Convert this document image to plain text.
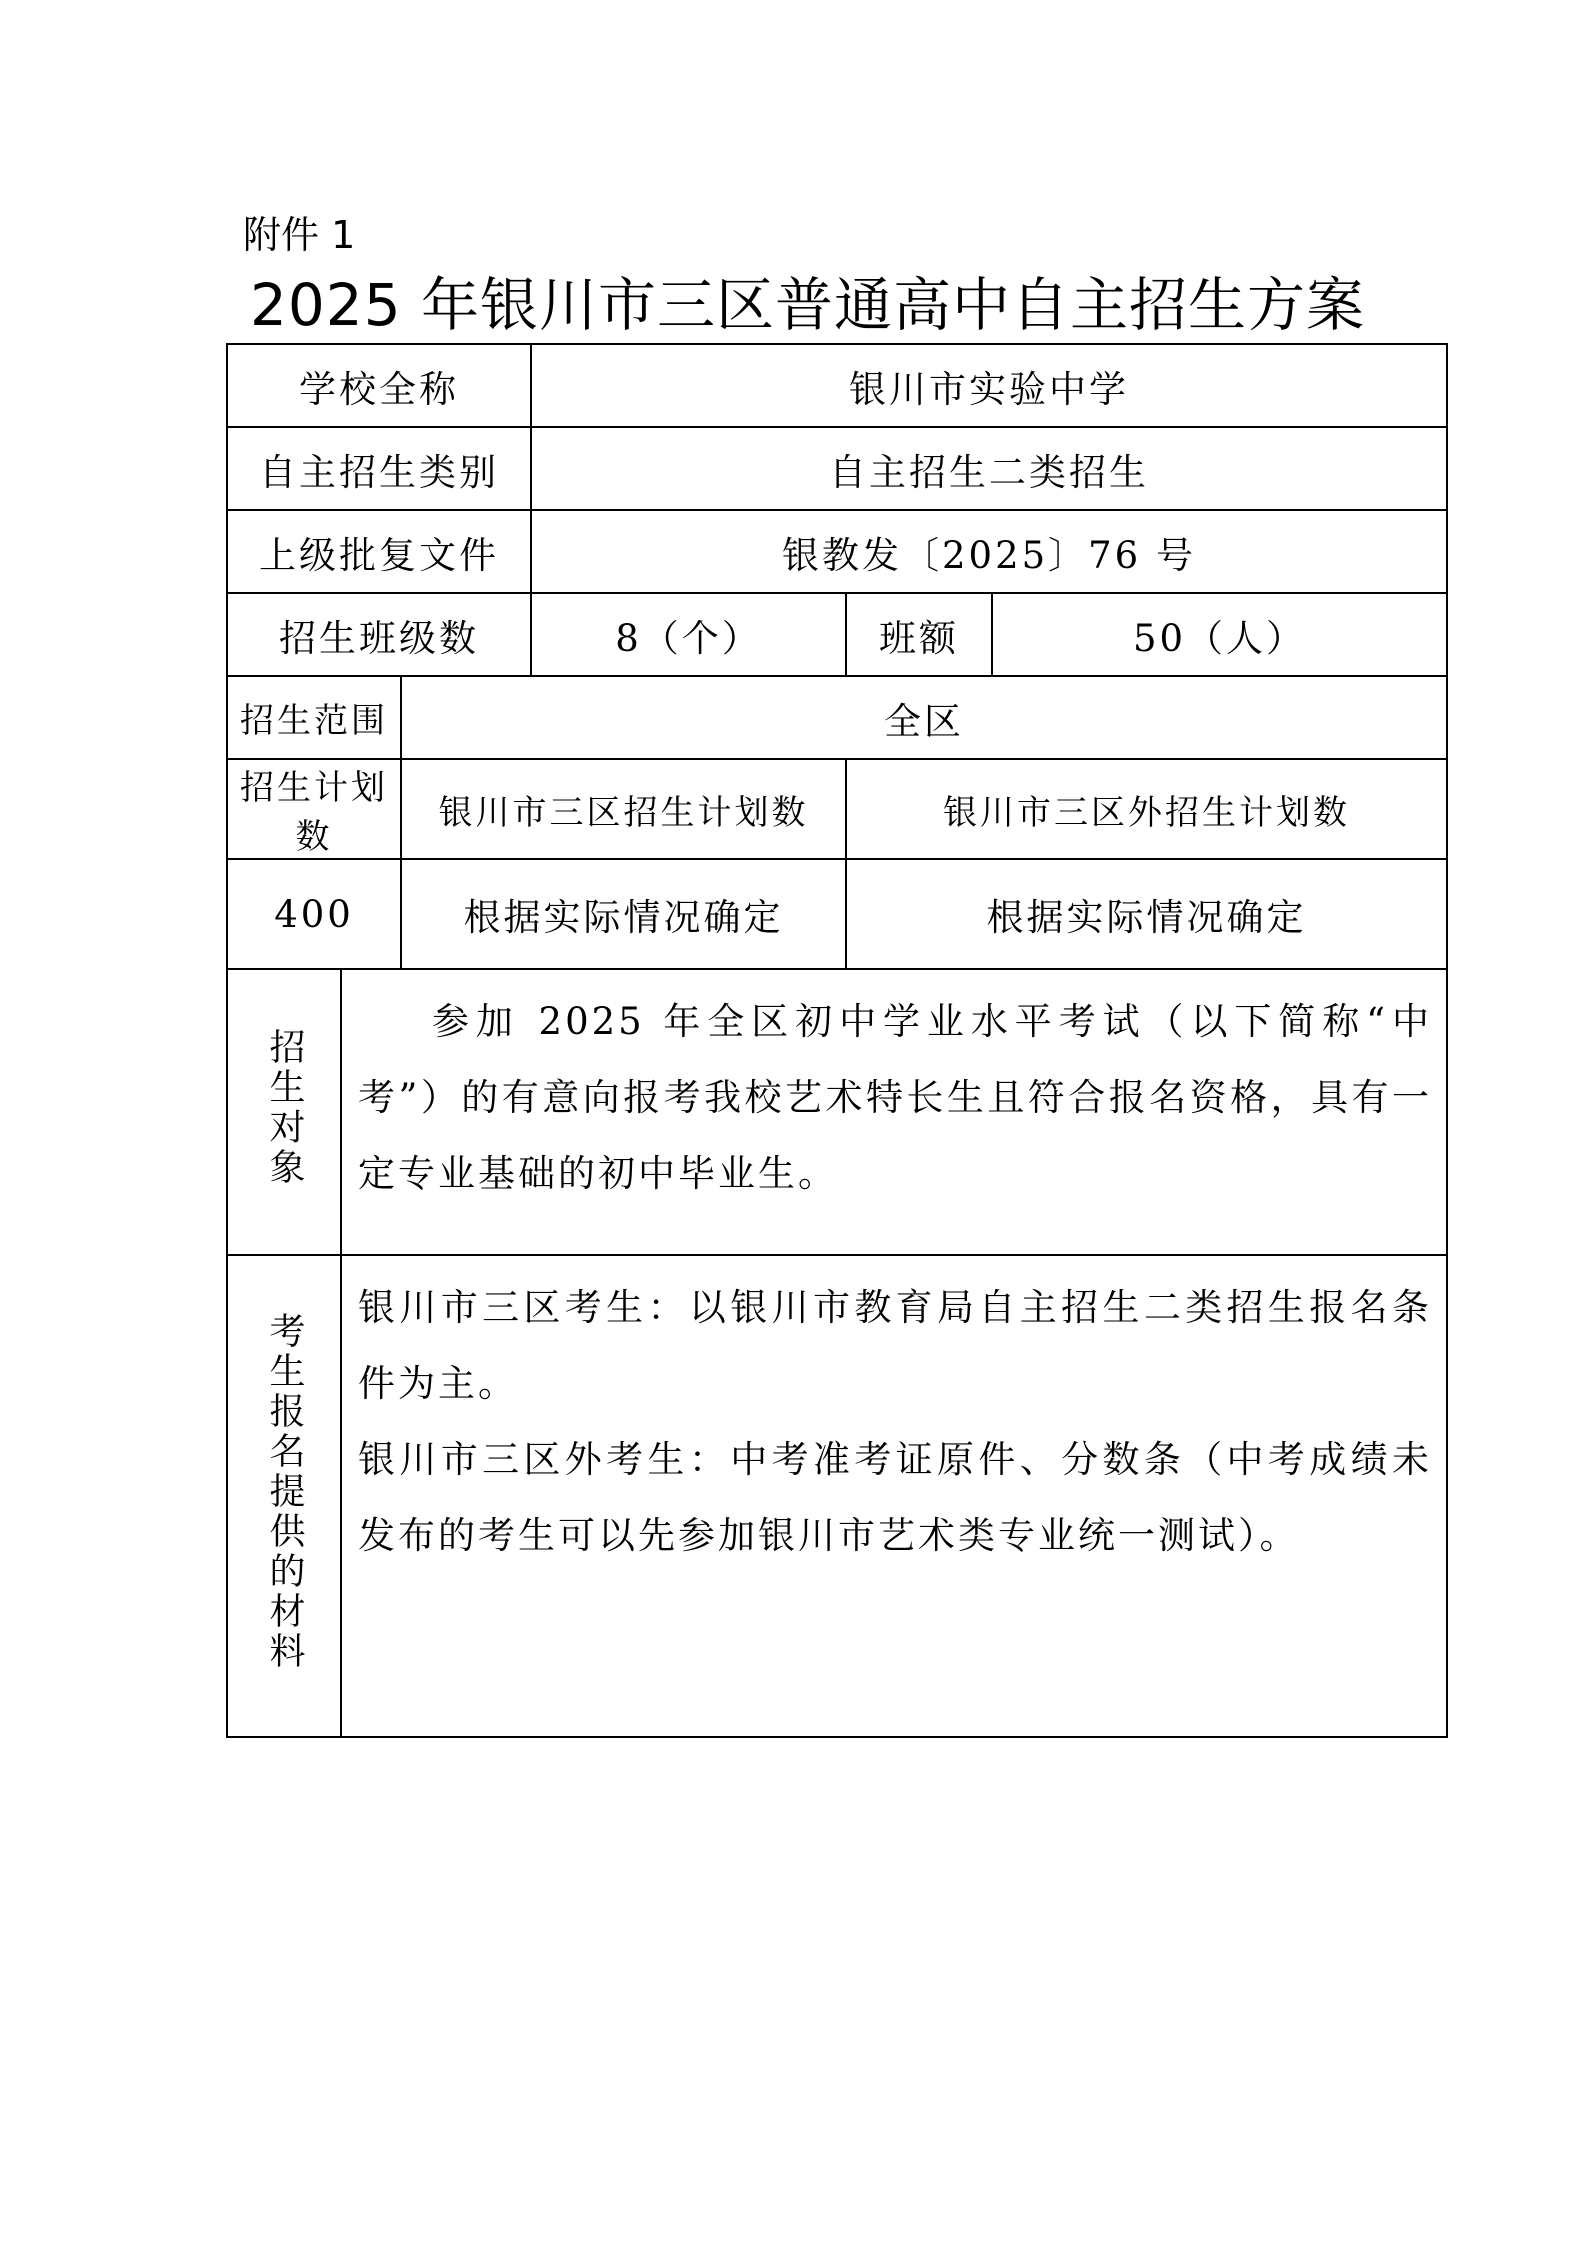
附件 1
2025 年银川市三区普通高中自主招生方案
学校全称			银川市实验中学		
自主招生类别			自主招生二类招生		
上级批复文件			银教发〔2025〕76 号		
招生班级数			8（个）	班额	50（人）
招生范围		全区			
招生计划数		银川市三区招生计划数		银川市三区外招生计划数	
400		根据实际情况确定		根据实际情况确定	
招生对象	参加 2025 年全区初中学业水平考试（以下简称“中考”）的有意向报考我校艺术特长生且符合报名资格，具有一定专业基础的初中毕业生。				

考生报名提供的材料	银川市三区考生：以银川市教育局自主招生二类招生报名条件为主。
银川市三区外考生：中考准考证原件、分数条（中考成绩未发布的考生可以先参加银川市艺术类专业统一测试）。				
